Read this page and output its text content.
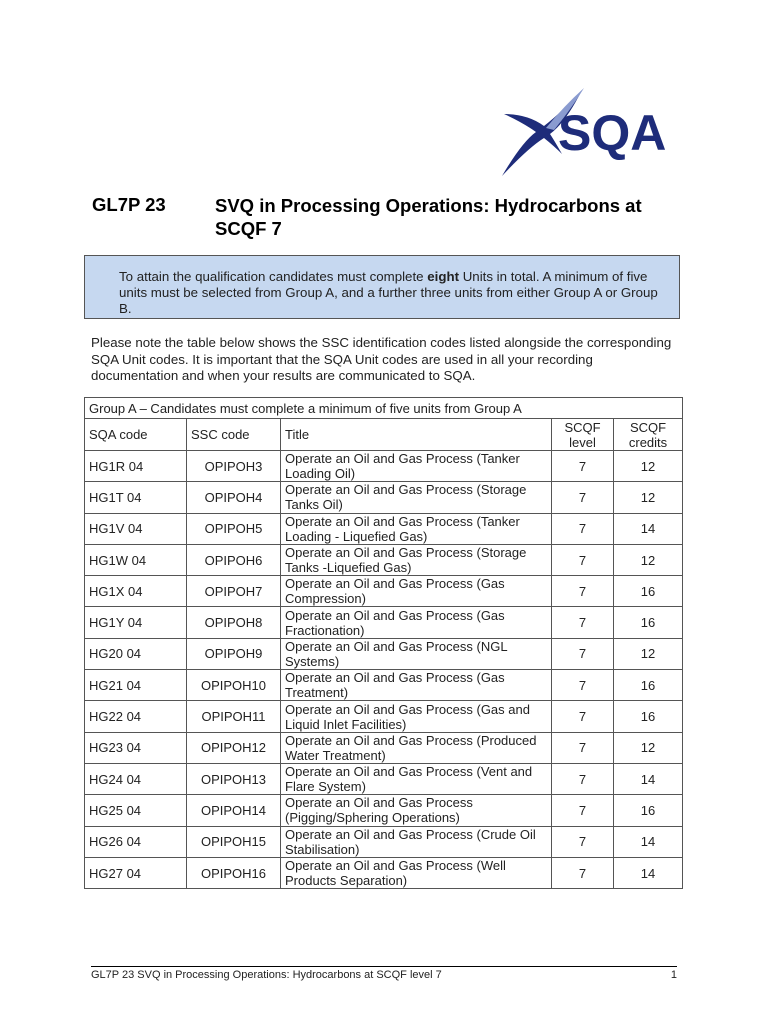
SQA
GL7P 23	SVQ in Processing Operations: Hydrocarbons at SCQF 7
To attain the qualification candidates must complete eight Units in total. A minimum of five units must be selected from Group A, and a further three units from either Group A or Group B.
Please note the table below shows the SSC identification codes listed alongside the corresponding SQA Unit codes. It is important that the SQA Unit codes are used in all your recording documentation and when your results are communicated to SQA.
Group A – Candidates must complete a minimum of five units from Group A				
SQA code	SSC code	Title	SCQF level	SCQF credits
HG1R 04	OPIPOH3	Operate an Oil and Gas Process (Tanker Loading Oil)	7	12
HG1T 04	OPIPOH4	Operate an Oil and Gas Process (Storage Tanks Oil)	7	12
HG1V 04	OPIPOH5	Operate an Oil and Gas Process (Tanker Loading - Liquefied Gas)	7	14
HG1W 04	OPIPOH6	Operate an Oil and Gas Process (Storage Tanks -Liquefied Gas)	7	12
HG1X 04	OPIPOH7	Operate an Oil and Gas Process (Gas Compression)	7	16
HG1Y 04	OPIPOH8	Operate an Oil and Gas Process (Gas Fractionation)	7	16
HG20 04	OPIPOH9	Operate an Oil and Gas Process (NGL Systems)	7	12
HG21 04	OPIPOH10	Operate an Oil and Gas Process (Gas Treatment)	7	16
HG22 04	OPIPOH11	Operate an Oil and Gas Process (Gas and Liquid Inlet Facilities)	7	16
HG23 04	OPIPOH12	Operate an Oil and Gas Process (Produced Water Treatment)	7	12
HG24 04	OPIPOH13	Operate an Oil and Gas Process (Vent and Flare System)	7	14
HG25 04	OPIPOH14	Operate an Oil and Gas Process (Pigging/Sphering Operations)	7	16
HG26 04	OPIPOH15	Operate an Oil and Gas Process (Crude Oil Stabilisation)	7	14
HG27 04	OPIPOH16	Operate an Oil and Gas Process (Well Products Separation)	7	14
GL7P 23 SVQ in Processing Operations: Hydrocarbons at SCQF level 7	1
